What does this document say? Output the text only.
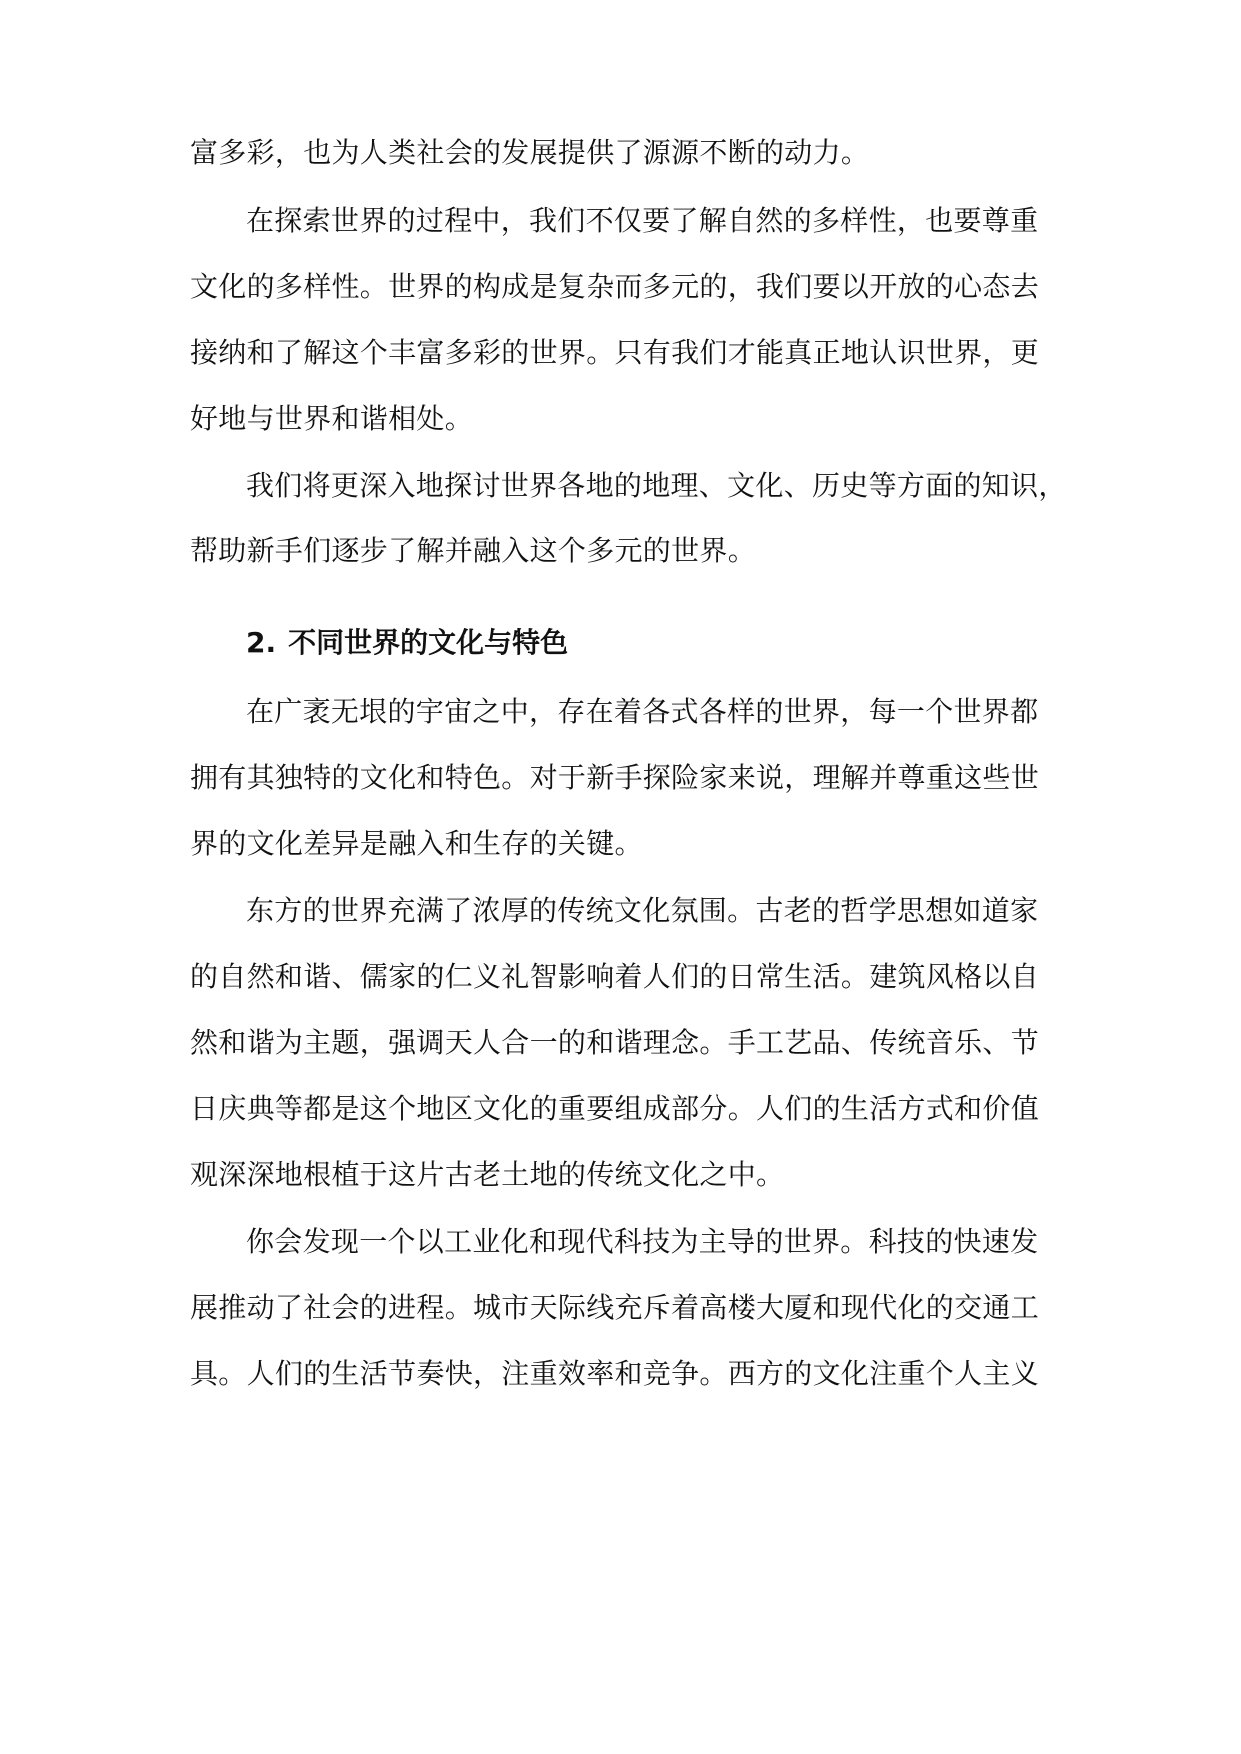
富多彩，也为人类社会的发展提供了源源不断的动力。
在探索世界的过程中，我们不仅要了解自然的多样性，也要尊重
文化的多样性。世界的构成是复杂而多元的，我们要以开放的心态去
接纳和了解这个丰富多彩的世界。只有我们才能真正地认识世界，更
好地与世界和谐相处。
我们将更深入地探讨世界各地的地理、文化、历史等方面的知识，
帮助新手们逐步了解并融入这个多元的世界。
2. 不同世界的文化与特色
在广袤无垠的宇宙之中，存在着各式各样的世界，每一个世界都
拥有其独特的文化和特色。对于新手探险家来说，理解并尊重这些世
界的文化差异是融入和生存的关键。
东方的世界充满了浓厚的传统文化氛围。古老的哲学思想如道家
的自然和谐、儒家的仁义礼智影响着人们的日常生活。建筑风格以自
然和谐为主题，强调天人合一的和谐理念。手工艺品、传统音乐、节
日庆典等都是这个地区文化的重要组成部分。人们的生活方式和价值
观深深地根植于这片古老土地的传统文化之中。
你会发现一个以工业化和现代科技为主导的世界。科技的快速发
展推动了社会的进程。城市天际线充斥着高楼大厦和现代化的交通工
具。人们的生活节奏快，注重效率和竞争。西方的文化注重个人主义
